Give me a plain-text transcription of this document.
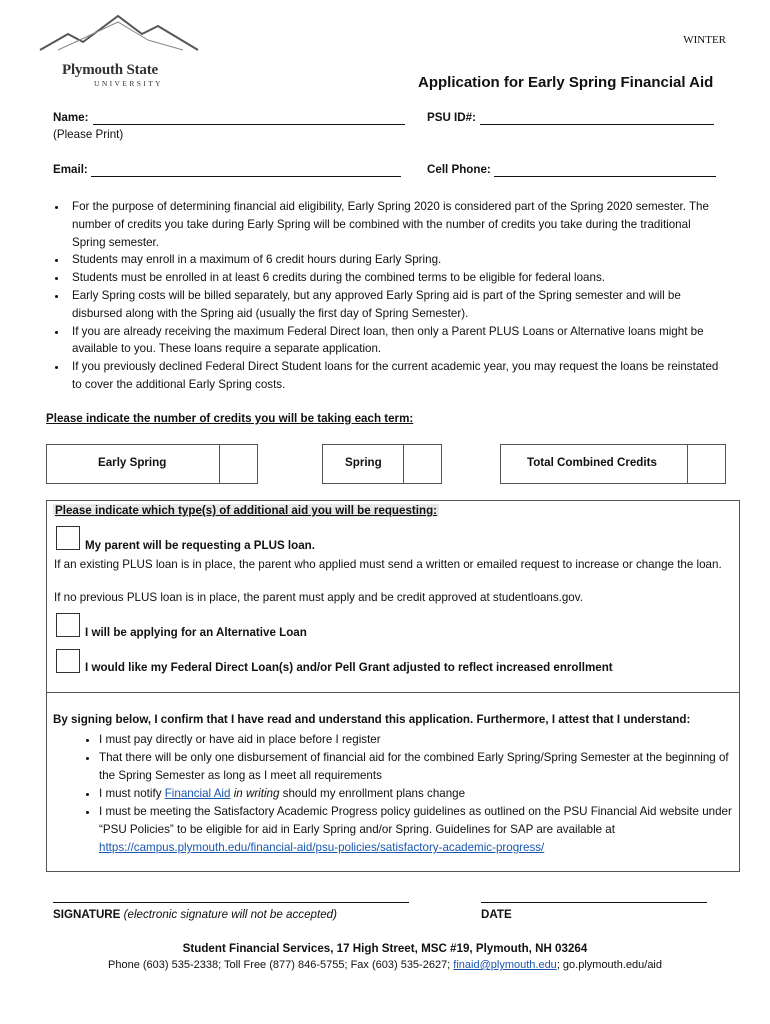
Plymouth State
UNIVERSITY
WINTER
Application for Early Spring Financial Aid
Name:
(Please Print)
PSU ID#:
Email:	Cell Phone:
• For the purpose of determining financial aid eligibility, Early Spring 2020 is considered part of the Spring 2020 semester. The number of credits you take during Early Spring will be combined with the number of credits you take during the traditional Spring semester.
• Students may enroll in a maximum of 6 credit hours during Early Spring.
• Students must be enrolled in at least 6 credits during the combined terms to be eligible for federal loans.
• Early Spring costs will be billed separately, but any approved Early Spring aid is part of the Spring semester and will be disbursed along with the Spring aid (usually the first day of Spring Semester).
• If you are already receiving the maximum Federal Direct loan, then only a Parent PLUS Loans or Alternative loans might be available to you. These loans require a separate application.
• If you previously declined Federal Direct Student loans for the current academic year, you may request the loans be reinstated to cover the additional Early Spring costs.
Please indicate the number of credits you will be taking each term:
Early Spring	Spring	Total Combined Credits
Please indicate which type(s) of additional aid you will be requesting:
My parent will be requesting a PLUS loan.
If an existing PLUS loan is in place, the parent who applied must send a written or emailed request to increase or change the loan.
If no previous PLUS loan is in place, the parent must apply and be credit approved at studentloans.gov.
I will be applying for an Alternative Loan
I would like my Federal Direct Loan(s) and/or Pell Grant adjusted to reflect increased enrollment
By signing below, I confirm that I have read and understand this application. Furthermore, I attest that I understand:
• I must pay directly or have aid in place before I register
• That there will be only one disbursement of financial aid for the combined Early Spring/Spring Semester at the beginning of the Spring Semester as long as I meet all requirements
• I must notify Financial Aid in writing should my enrollment plans change
• I must be meeting the Satisfactory Academic Progress policy guidelines as outlined on the PSU Financial Aid website under “PSU Policies” to be eligible for aid in Early Spring and/or Spring. Guidelines for SAP are available at https://campus.plymouth.edu/financial-aid/psu-policies/satisfactory-academic-progress/
SIGNATURE (electronic signature will not be accepted)	DATE
Student Financial Services, 17 High Street, MSC #19, Plymouth, NH 03264
Phone (603) 535-2338; Toll Free (877) 846-5755; Fax (603) 535-2627; finaid@plymouth.edu; go.plymouth.edu/aid
